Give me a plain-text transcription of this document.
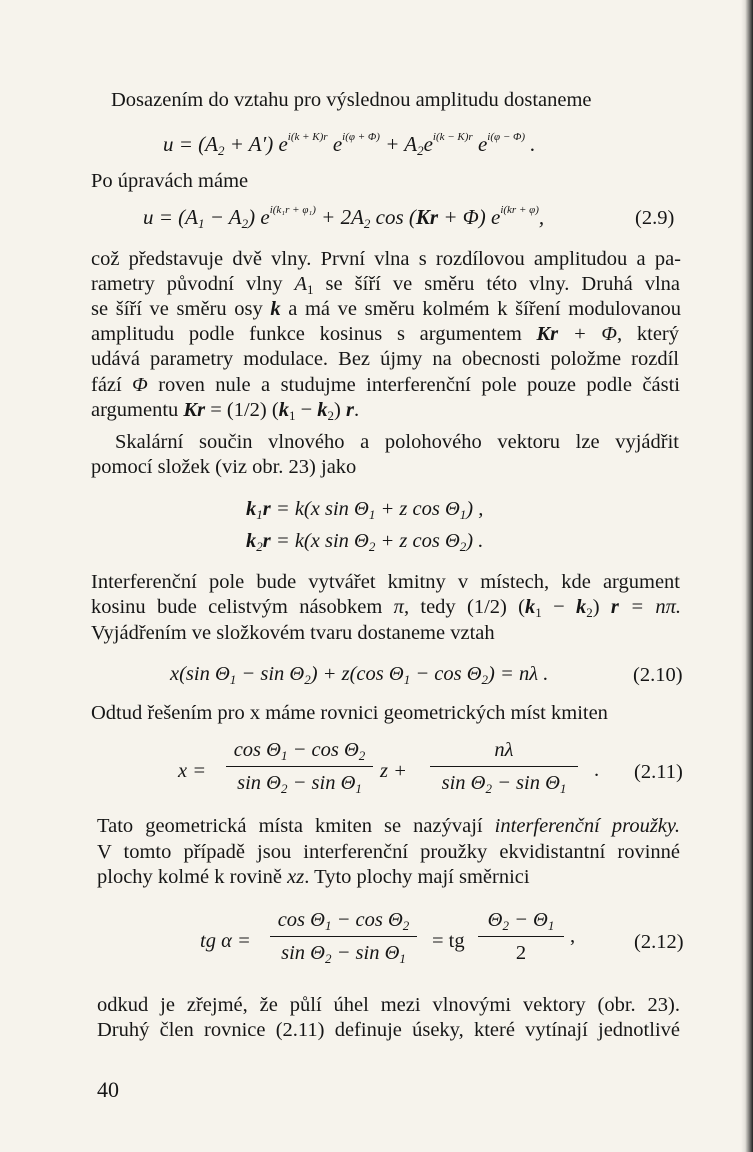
Dosazením do vztahu pro výslednou amplitudu dostaneme
$u = (A_2 + A')$ $e^{i(k + K)r}$ $e^{i(\varphi + \Phi)} + A_2e^{i(k - K)r}$ $e^{i(\varphi - \Phi)}$ .
Po úpravách máme
$u = (A_1 - A_2) e^{i(k_1r + \varphi_1)} + 2A_2$ cos (Kr + Φ) $e^{i(kr + \varphi)}$,	(2.9)
což představuje dvě vlny. První vlna s rozdílovou amplitudou a pa-
rametry původní vlny $A_1$ se šíří ve směru této vlny. Druhá vlna
se šíří ve směru osy k a má ve směru kolmém k šíření modulovanou
amplitudu podle funkce kosinus s argumentem Kr + Φ, který
udává parametry modulace. Bez újmy na obecnosti položme rozdíl
fází Φ roven nule a studujme interferenční pole pouze podle části
argumentu Kr = (1/2) $(k_1 - k_2)$ r.
Skalární součin vlnového a polohového vektoru lze vyjádřit
pomocí složek (viz obr. 23) jako
$k_1r = k(x$ $\sin \Theta_1 + z$ $\cos \Theta_1$) ,
$k_2r = k(x$ $\sin \Theta_2 + z$ $\cos \Theta_2$) .
Interferenční pole bude vytvářet kmitny v místech, kde argument
kosinu bude celistvým násobkem π, tedy (1/2) $(k_1 - k_2) r = n\pi$.
Vyjádřením ve složkovém tvaru dostaneme vztah
x(sin $\Theta_1 - \sin \Theta_2) + z(\cos$ $\Theta_1 - \cos \Theta_2) = n\lambda$ .	(2.10)
Odtud řešením pro x máme rovnici geometrických míst kmiten
x =
$\cos \Theta_1 - \cos \Theta_2$
$\sin \Theta_2 - \sin \Theta_1$
z +
nλ
$\sin \Theta_2 - \sin \Theta_1$
. (2.11)
Tato geometrická místa kmiten se nazývají interferenční proužky.
V tomto případě jsou interferenční proužky ekvidistantní rovinné
plochy kolmé k rovině xz. Tyto plochy mají směrnici
tg α =
$\cos \Theta_1 - \cos \Theta_2$
$\sin \Theta_2 - \sin \Theta_1$
= tg
$\Theta_2 - \Theta_1$
2
,	(2.12)
odkud je zřejmé, že půlí úhel mezi vlnovými vektory (obr. 23).
Druhý člen rovnice (2.11) definuje úseky, které vytínají jednotlivé
40
